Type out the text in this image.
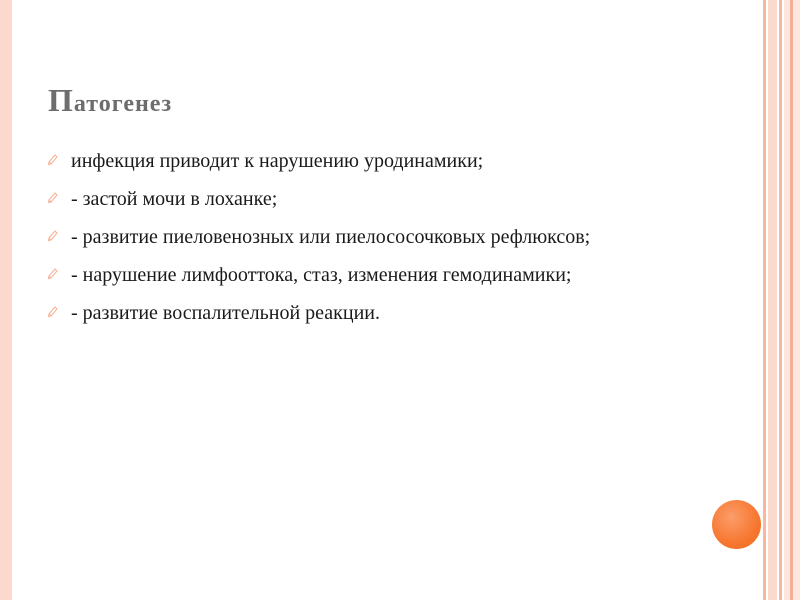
Патогенез
инфекция приводит к нарушению уродинамики;
- застой мочи в лоханке;
- развитие пиеловенозных или пиелососочковых рефлюксов;
- нарушение лимфооттока, стаз, изменения гемодинамики;
- развитие воспалительной реакции.
